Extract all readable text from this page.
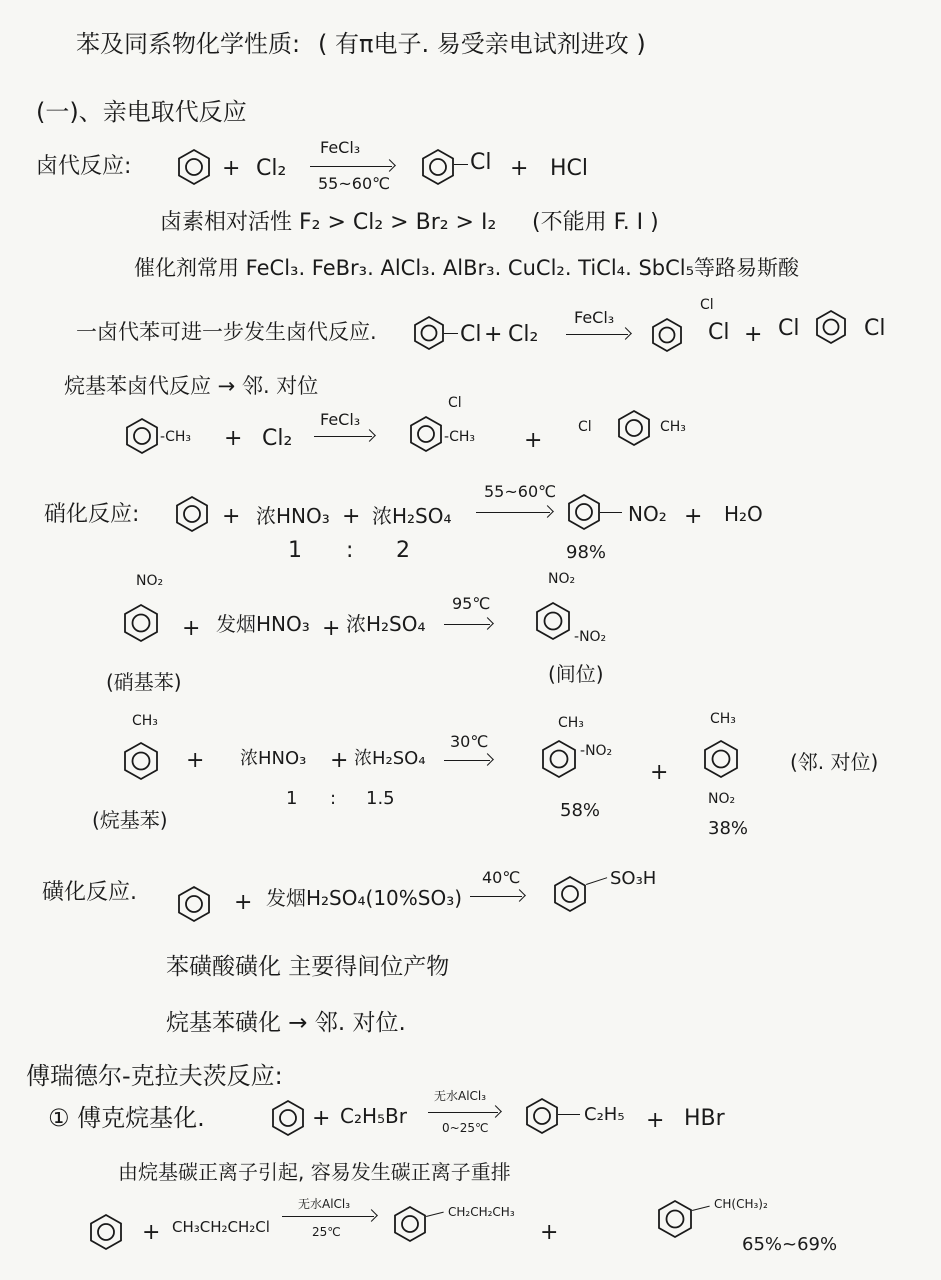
苯及同系物化学性质: ( 有π电子. 易受亲电试剂进攻 )
(一)、亲电取代反应
卤代反应:	+ Cl₂
FeCl₃
55~60℃
Cl + HCl
卤素相对活性 F₂ > Cl₂ > Br₂ > I₂ (不能用 F. I )
催化剂常用 FeCl₃. FeBr₃. AlCl₃. AlBr₃. CuCl₂. TiCl₄. SbCl₅等路易斯酸
一卤代苯可进一步发生卤代反应.	Cl + Cl₂
FeCl₃
Cl
Cl + Cl	Cl
烷基苯卤代反应 → 邻. 对位
-CH₃ + Cl₂
FeCl₃
Cl
-CH₃ +
Cl	CH₃
硝化反应:	+ 浓HNO₃ + 浓H₂SO₄
55~60℃
NO₂ + H₂O
1 : 2	98%
NO₂
+ 发烟HNO₃ + 浓H₂SO₄
95℃
NO₂
-NO₂
(硝基苯)	(间位)
CH₃
+ 浓HNO₃ + 浓H₂SO₄
30℃
CH₃
-NO₂
+
CH₃
NO₂
(邻. 对位)
1 : 1.5
58%
38%
(烷基苯)
磺化反应.	+ 发烟H₂SO₄(10%SO₃)
40℃	SO₃H
苯磺酸磺化 主要得间位产物
烷基苯磺化 → 邻. 对位.
傅瑞德尔-克拉夫茨反应:
① 傅克烷基化.	+ C₂H₅Br
无水AlCl₃
0~25℃
C₂H₅ + HBr
由烷基碳正离子引起, 容易发生碳正离子重排
+ CH₃CH₂CH₂Cl
无水AlCl₃
25℃
CH₂CH₂CH₃
+
CH(CH₃)₂
65%~69%
